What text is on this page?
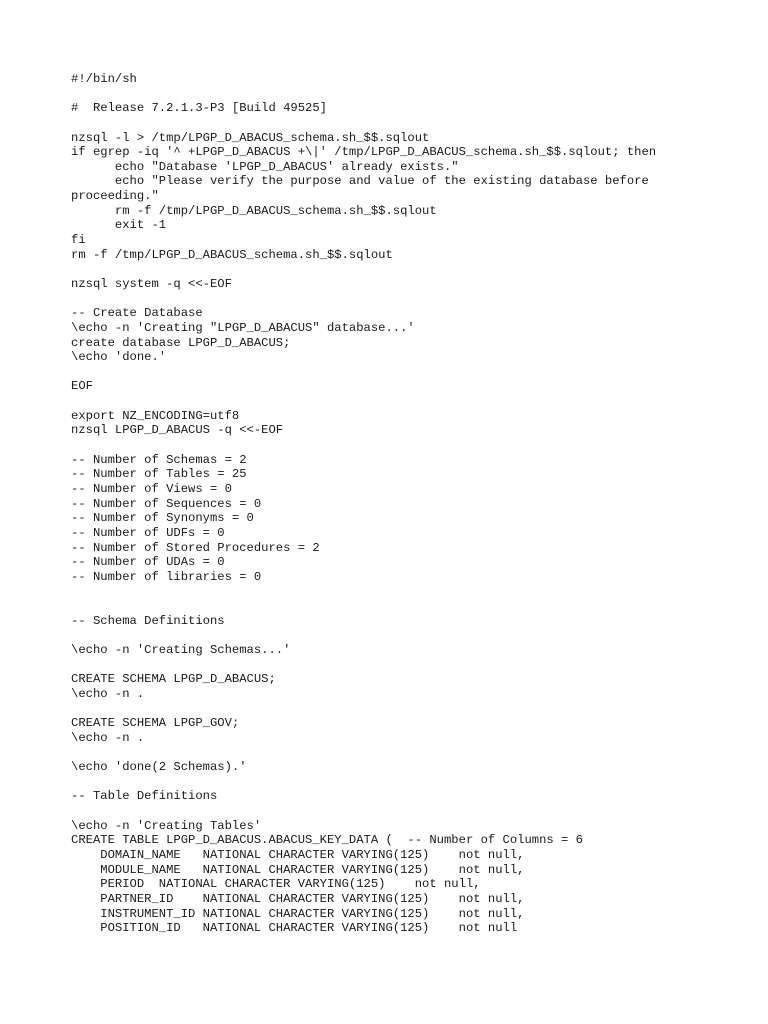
#!/bin/sh
#  Release 7.2.1.3-P3 [Build 49525]
nzsql -l > /tmp/LPGP_D_ABACUS_schema.sh_$$.sqlout
if egrep -iq '^ +LPGP_D_ABACUS +\|' /tmp/LPGP_D_ABACUS_schema.sh_$$.sqlout; then
echo "Database 'LPGP_D_ABACUS' already exists."
echo "Please verify the purpose and value of the existing database before
proceeding."
rm -f /tmp/LPGP_D_ABACUS_schema.sh_$$.sqlout
exit -1
fi
rm -f /tmp/LPGP_D_ABACUS_schema.sh_$$.sqlout
nzsql system -q <<-EOF
-- Create Database
\echo -n 'Creating "LPGP_D_ABACUS" database...'
create database LPGP_D_ABACUS;
\echo 'done.'
EOF
export NZ_ENCODING=utf8
nzsql LPGP_D_ABACUS -q <<-EOF
-- Number of Schemas = 2
-- Number of Tables = 25
-- Number of Views = 0
-- Number of Sequences = 0
-- Number of Synonyms = 0
-- Number of UDFs = 0
-- Number of Stored Procedures = 2
-- Number of UDAs = 0
-- Number of libraries = 0
-- Schema Definitions
\echo -n 'Creating Schemas...'
CREATE SCHEMA LPGP_D_ABACUS;
\echo -n .
CREATE SCHEMA LPGP_GOV;
\echo -n .
\echo 'done(2 Schemas).'
-- Table Definitions
\echo -n 'Creating Tables'
CREATE TABLE LPGP_D_ABACUS.ABACUS_KEY_DATA (  -- Number of Columns = 6
DOMAIN_NAME   NATIONAL CHARACTER VARYING(125)    not null,
MODULE_NAME   NATIONAL CHARACTER VARYING(125)    not null,
PERIOD  NATIONAL CHARACTER VARYING(125)    not null,
PARTNER_ID    NATIONAL CHARACTER VARYING(125)    not null,
INSTRUMENT_ID NATIONAL CHARACTER VARYING(125)    not null,
POSITION_ID   NATIONAL CHARACTER VARYING(125)    not null
